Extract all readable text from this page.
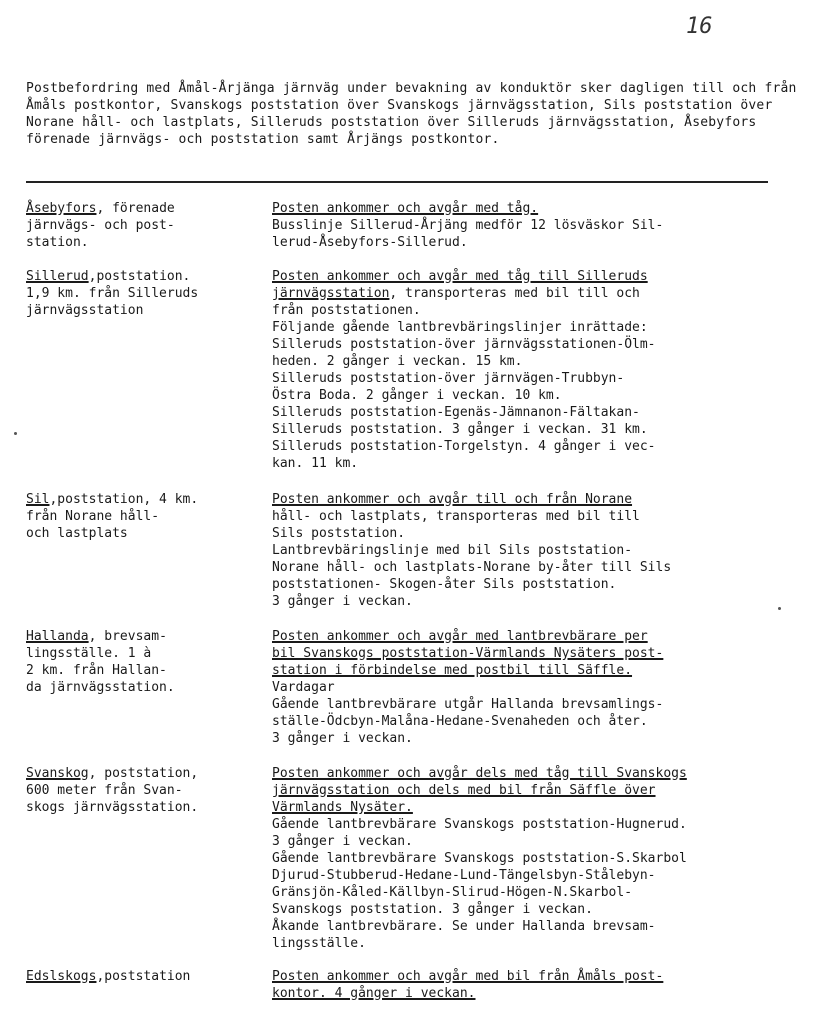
16
Postbefordring med Åmål-Årjänga järnväg under bevakning av konduktör sker dagligen till och från Åmåls postkontor, Svanskogs poststation över Svanskogs järnvägsstation, Sils poststation över Norane håll- och lastplats, Silleruds poststation över Silleruds järnvägsstation, Åsebyfors förenade järnvägs- och poststation samt Årjängs postkontor.
Åsebyfors, förenade
järnvägs- och post-
station.
Posten ankommer och avgår med tåg.
Busslinje Sillerud-Årjäng medför 12 lösväskor Sil-
lerud-Åsebyfors-Sillerud.
Sillerud,poststation.
1,9 km. från Silleruds
järnvägsstation
Posten ankommer och avgår med tåg till Silleruds
järnvägsstation, transporteras med bil till och
från poststationen.
Följande gående lantbrevbäringslinjer inrättade:
Silleruds poststation-över järnvägsstationen-Ölm-
heden. 2 gånger i veckan. 15 km.
Silleruds poststation-över järnvägen-Trubbyn-
Östra Boda. 2 gånger i veckan. 10 km.
Silleruds poststation-Egenäs-Jämnanon-Fältakan-
Silleruds poststation. 3 gånger i veckan. 31 km.
Silleruds poststation-Torgelstyn. 4 gånger i vec-
kan. 11 km.
Sil,poststation, 4 km.
från Norane håll-
och lastplats
Posten ankommer och avgår till och från Norane
håll- och lastplats, transporteras med bil till
Sils poststation.
Lantbrevbäringslinje med bil Sils poststation-
Norane håll- och lastplats-Norane by-åter till Sils
poststationen- Skogen-åter Sils poststation.
3 gånger i veckan.
Hallanda, brevsam-
lingsställe. 1 à
2 km. från Hallan-
da järnvägsstation.
Posten ankommer och avgår med lantbrevbärare per
bil Svanskogs poststation-Värmlands Nysäters post-
station i förbindelse med postbil till Säffle.
Vardagar
Gående lantbrevbärare utgår Hallanda brevsamlings-
ställe-Ödcbyn-Malåna-Hedane-Svenaheden och åter.
3 gånger i veckan.
Svanskog, poststation,
600 meter från Svan-
skogs järnvägsstation.
Posten ankommer och avgår dels med tåg till Svanskogs
järnvägsstation och dels med bil från Säffle över
Värmlands Nysäter.
Gående lantbrevbärare Svanskogs poststation-Hugnerud.
3 gånger i veckan.
Gående lantbrevbärare Svanskogs poststation-S.Skarbol
Djurud-Stubberud-Hedane-Lund-Tängelsbyn-Stålebyn-
Gränsjön-Kåled-Källbyn-Slirud-Högen-N.Skarbol-
Svanskogs poststation. 3 gånger i veckan.
Åkande lantbrevbärare. Se under Hallanda brevsam-
lingsställe.
Edslskogs,poststation	Posten ankommer och avgår med bil från Åmåls post-
kontor. 4 gånger i veckan.
